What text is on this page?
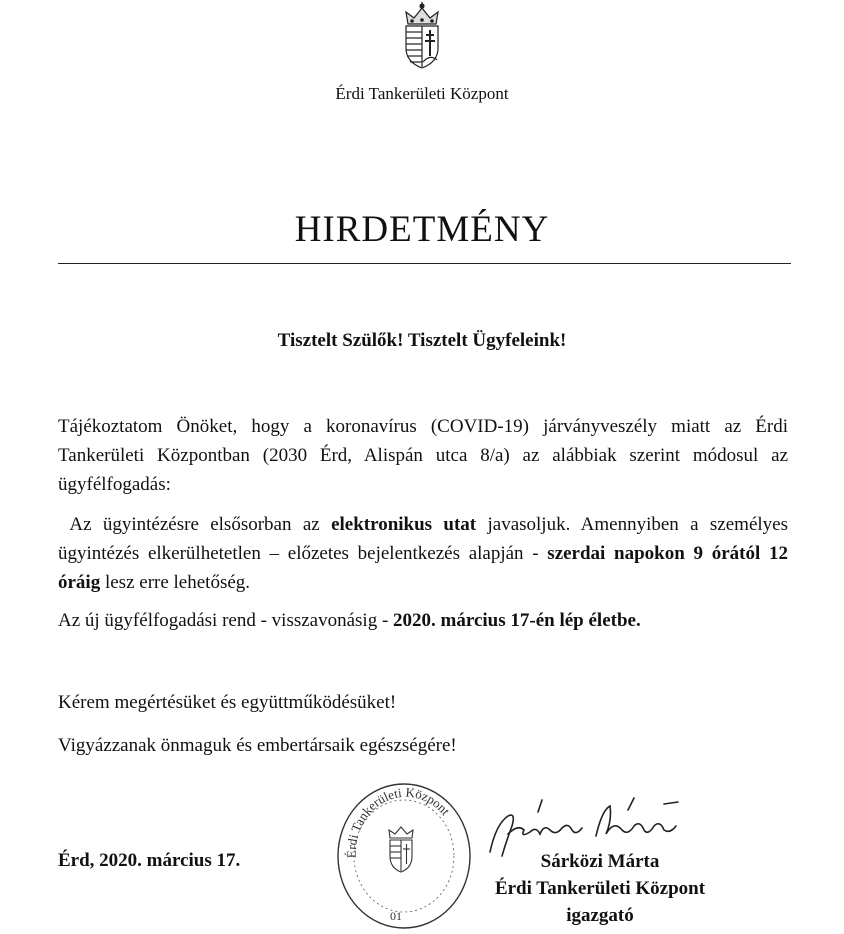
Érdi Tankerületi Központ
HIRDETMÉNY
Tisztelt Szülők! Tisztelt Ügyfeleink!
Tájékoztatom Önöket, hogy a koronavírus (COVID-19) járványveszély miatt az Érdi Tankerületi Központban (2030 Érd, Alispán utca 8/a) az alábbiak szerint módosul az ügyfélfogadás:
Az ügyintézésre elsősorban az elektronikus utat javasoljuk. Amennyiben a személyes ügyintézés elkerülhetetlen – előzetes bejelentkezés alapján - szerdai napokon 9 órától 12 óráig lesz erre lehetőség.
Az új ügyfélfogadási rend - visszavonásig - 2020. március 17-én lép életbe.
Kérem megértésüket és együttműködésüket!
Vigyázzanak önmaguk és embertársaik egészségére!
Érd, 2020. március 17.	Érdi Tankerületi Központ
01
Sárközi Márta
Sárközi Márta
Érdi Tankerületi Központ
igazgató
